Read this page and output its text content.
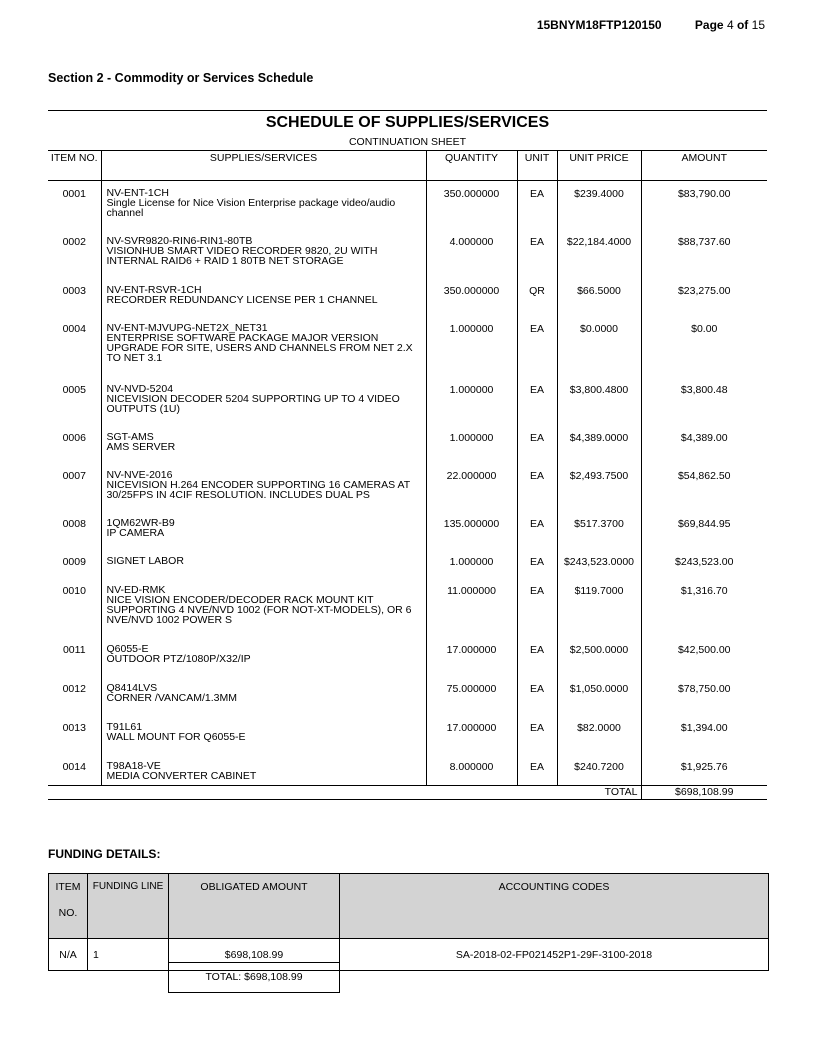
15BNYM18FTP120150	Page 4 of 15
Section 2 - Commodity or Services Schedule
SCHEDULE OF SUPPLIES/SERVICES
CONTINUATION SHEET
ITEM NO.	SUPPLIES/SERVICES	QUANTITY	UNIT	UNIT PRICE	AMOUNT
0001	NV-ENT-1CH
Single License for Nice Vision Enterprise package video/audio channel	350.000000	EA	$239.4000	$83,790.00
0002	NV-SVR9820-RIN6-RIN1-80TB
VISIONHUB SMART VIDEO RECORDER 9820, 2U WITH INTERNAL RAID6 + RAID 1 80TB NET STORAGE	4.000000	EA	$22,184.4000	$88,737.60
0003	NV-ENT-RSVR-1CH
RECORDER REDUNDANCY LICENSE PER 1 CHANNEL	350.000000	QR	$66.5000	$23,275.00
0004	NV-ENT-MJVUPG-NET2X_NET31
ENTERPRISE SOFTWARE PACKAGE MAJOR VERSION UPGRADE FOR SITE, USERS AND CHANNELS FROM NET 2.X TO NET 3.1	1.000000	EA	$0.0000	$0.00
0005	NV-NVD-5204
NICEVISION DECODER 5204 SUPPORTING UP TO 4 VIDEO OUTPUTS (1U)	1.000000	EA	$3,800.4800	$3,800.48
0006	SGT-AMS
AMS SERVER	1.000000	EA	$4,389.0000	$4,389.00
0007	NV-NVE-2016
NICEVISION H.264 ENCODER SUPPORTING 16 CAMERAS AT 30/25FPS IN 4CIF RESOLUTION. INCLUDES DUAL PS	22.000000	EA	$2,493.7500	$54,862.50
0008	1QM62WR-B9
IP CAMERA	135.000000	EA	$517.3700	$69,844.95
0009	SIGNET LABOR	1.000000	EA	$243,523.0000	$243,523.00
0010	NV-ED-RMK
NICE VISION ENCODER/DECODER RACK MOUNT KIT SUPPORTING 4 NVE/NVD 1002 (FOR NOT-XT-MODELS), OR 6 NVE/NVD 1002 POWER S	11.000000	EA	$119.7000	$1,316.70
0011	Q6055-E
OUTDOOR PTZ/1080P/X32/IP	17.000000	EA	$2,500.0000	$42,500.00
0012	Q8414LVS
CORNER /VANCAM/1.3MM	75.000000	EA	$1,050.0000	$78,750.00
0013	T91L61
WALL MOUNT FOR Q6055-E	17.000000	EA	$82.0000	$1,394.00
0014	T98A18-VE
MEDIA CONVERTER CABINET	8.000000	EA	$240.7200	$1,925.76
TOTAL					$698,108.99
FUNDING DETAILS:
ITEM
NO.	FUNDING LINE	OBLIGATED AMOUNT	ACCOUNTING CODES
N/A	1	$698,108.99	SA-2018-02-FP021452P1-29F-3100-2018
TOTAL: $698,108.99
